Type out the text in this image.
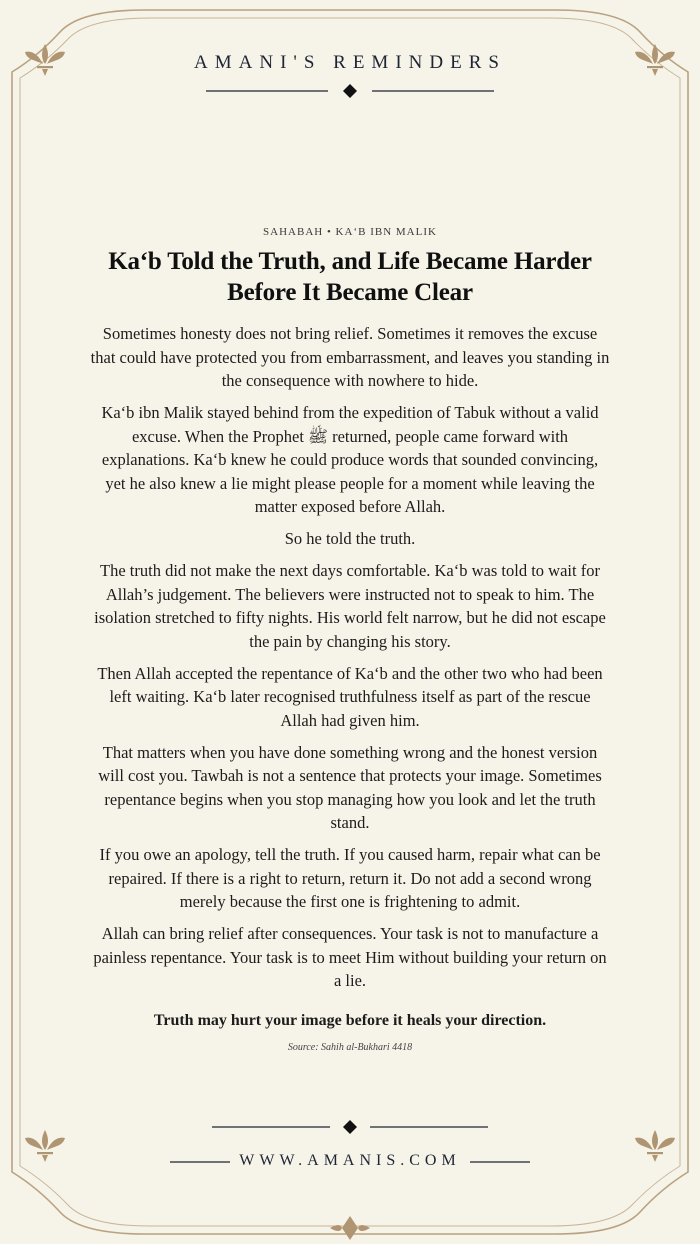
AMANI'S REMINDERS
SAHABAH • KA‘B IBN MALIK
Ka‘b Told the Truth, and Life Became Harder
Before It Became Clear

Sometimes honesty does not bring relief. Sometimes it removes the excuse that could have protected you from embarrassment, and leaves you standing in the consequence with nowhere to hide.

Ka‘b ibn Malik stayed behind from the expedition of Tabuk without a valid excuse. When the Prophet ﷺ returned, people came forward with explanations. Ka‘b knew he could produce words that sounded convincing, yet he also knew a lie might please people for a moment while leaving the matter exposed before Allah.

So he told the truth.

The truth did not make the next days comfortable. Ka‘b was told to wait for Allah’s judgement. The believers were instructed not to speak to him. The isolation stretched to fifty nights. His world felt narrow, but he did not escape the pain by changing his story.

Then Allah accepted the repentance of Ka‘b and the other two who had been left waiting. Ka‘b later recognised truthfulness itself as part of the rescue Allah had given him.

That matters when you have done something wrong and the honest version will cost you. Tawbah is not a sentence that protects your image. Sometimes repentance begins when you stop managing how you look and let the truth stand.

If you owe an apology, tell the truth. If you caused harm, repair what can be repaired. If there is a right to return, return it. Do not add a second wrong merely because the first one is frightening to admit.

Allah can bring relief after consequences. Your task is not to manufacture a painless repentance. Your task is to meet Him without building your return on a lie.

Truth may hurt your image before it heals your direction.

Source: Sahih al-Bukhari 4418

WWW.AMANIS.COM
